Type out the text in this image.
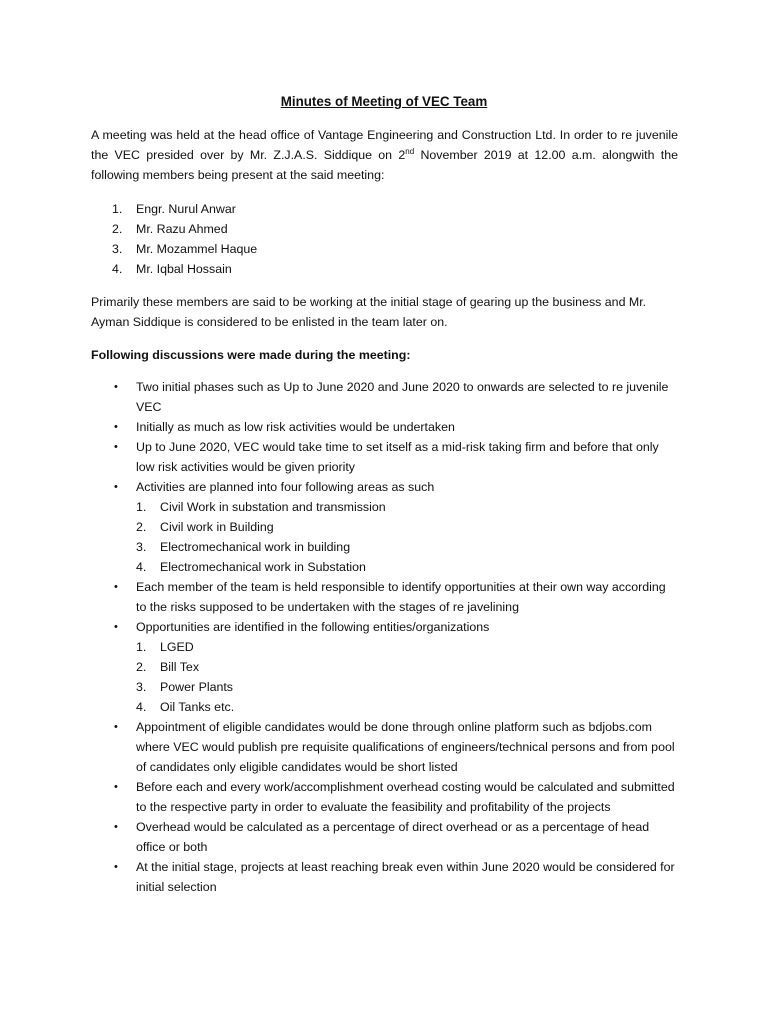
Minutes of Meeting of VEC Team

A meeting was held at the head office of Vantage Engineering and Construction Ltd. In order to re juvenile the VEC presided over by Mr. Z.J.A.S. Siddique on 2nd November 2019 at 12.00 a.m. alongwith the following members being present at the said meeting:

1. Engr. Nurul Anwar
2. Mr. Razu Ahmed
3. Mr. Mozammel Haque
4. Mr. Iqbal Hossain

Primarily these members are said to be working at the initial stage of gearing up the business and Mr. Ayman Siddique is considered to be enlisted in the team later on.

Following discussions were made during the meeting:

• Two initial phases such as Up to June 2020 and June 2020 to onwards are selected to re juvenile VEC
• Initially as much as low risk activities would be undertaken
• Up to June 2020, VEC would take time to set itself as a mid-risk taking firm and before that only low risk activities would be given priority
• Activities are planned into four following areas as such
1. Civil Work in substation and transmission
2. Civil work in Building
3. Electromechanical work in building
4. Electromechanical work in Substation
• Each member of the team is held responsible to identify opportunities at their own way according to the risks supposed to be undertaken with the stages of re javelining
• Opportunities are identified in the following entities/organizations
1. LGED
2. Bill Tex
3. Power Plants
4. Oil Tanks etc.
• Appointment of eligible candidates would be done through online platform such as bdjobs.com where VEC would publish pre requisite qualifications of engineers/technical persons and from pool of candidates only eligible candidates would be short listed
• Before each and every work/accomplishment overhead costing would be calculated and submitted to the respective party in order to evaluate the feasibility and profitability of the projects
• Overhead would be calculated as a percentage of direct overhead or as a percentage of head office or both
• At the initial stage, projects at least reaching break even within June 2020 would be considered for initial selection
